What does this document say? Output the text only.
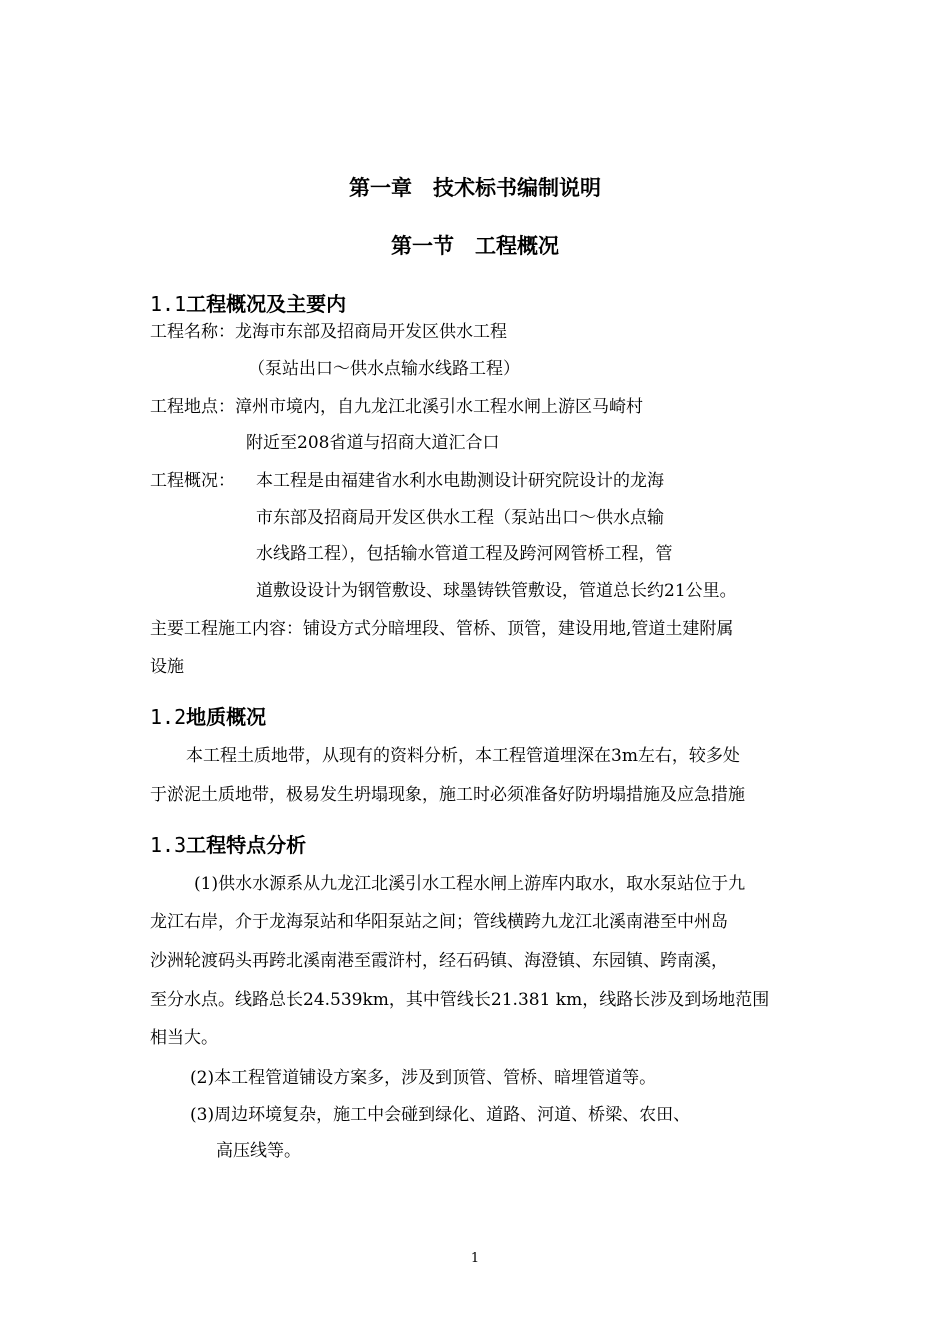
第一章　技术标书编制说明
第一节　工程概况
1.1工程概况及主要内
工程名称：龙海市东部及招商局开发区供水工程
（泵站出口～供水点输水线路工程）
工程地点：漳州市境内，自九龙江北溪引水工程水闸上游区马崎村
附近至208省道与招商大道汇合口
工程概况： 本工程是由福建省水利水电勘测设计研究院设计的龙海
市东部及招商局开发区供水工程（泵站出口～供水点输
水线路工程），包括输水管道工程及跨河网管桥工程，管
道敷设设计为钢管敷设、球墨铸铁管敷设，管道总长约21公里。
主要工程施工内容：铺设方式分暗埋段、管桥、顶管，建设用地,管道土建附属
设施
1.2地质概况
本工程土质地带，从现有的资料分析，本工程管道埋深在3m左右，较多处
于淤泥土质地带，极易发生坍塌现象，施工时必须准备好防坍塌措施及应急措施
1.3工程特点分析
(1)供水水源系从九龙江北溪引水工程水闸上游库内取水，取水泵站位于九
龙江右岸，介于龙海泵站和华阳泵站之间；管线横跨九龙江北溪南港至中州岛
沙洲轮渡码头再跨北溪南港至霞浒村，经石码镇、海澄镇、东园镇、跨南溪，
至分水点。线路总长24.539km，其中管线长21.381 km，线路长涉及到场地范围
相当大。
(2)本工程管道铺设方案多，涉及到顶管、管桥、暗埋管道等。
(3)周边环境复杂，施工中会碰到绿化、道路、河道、桥梁、农田、
高压线等。
1
